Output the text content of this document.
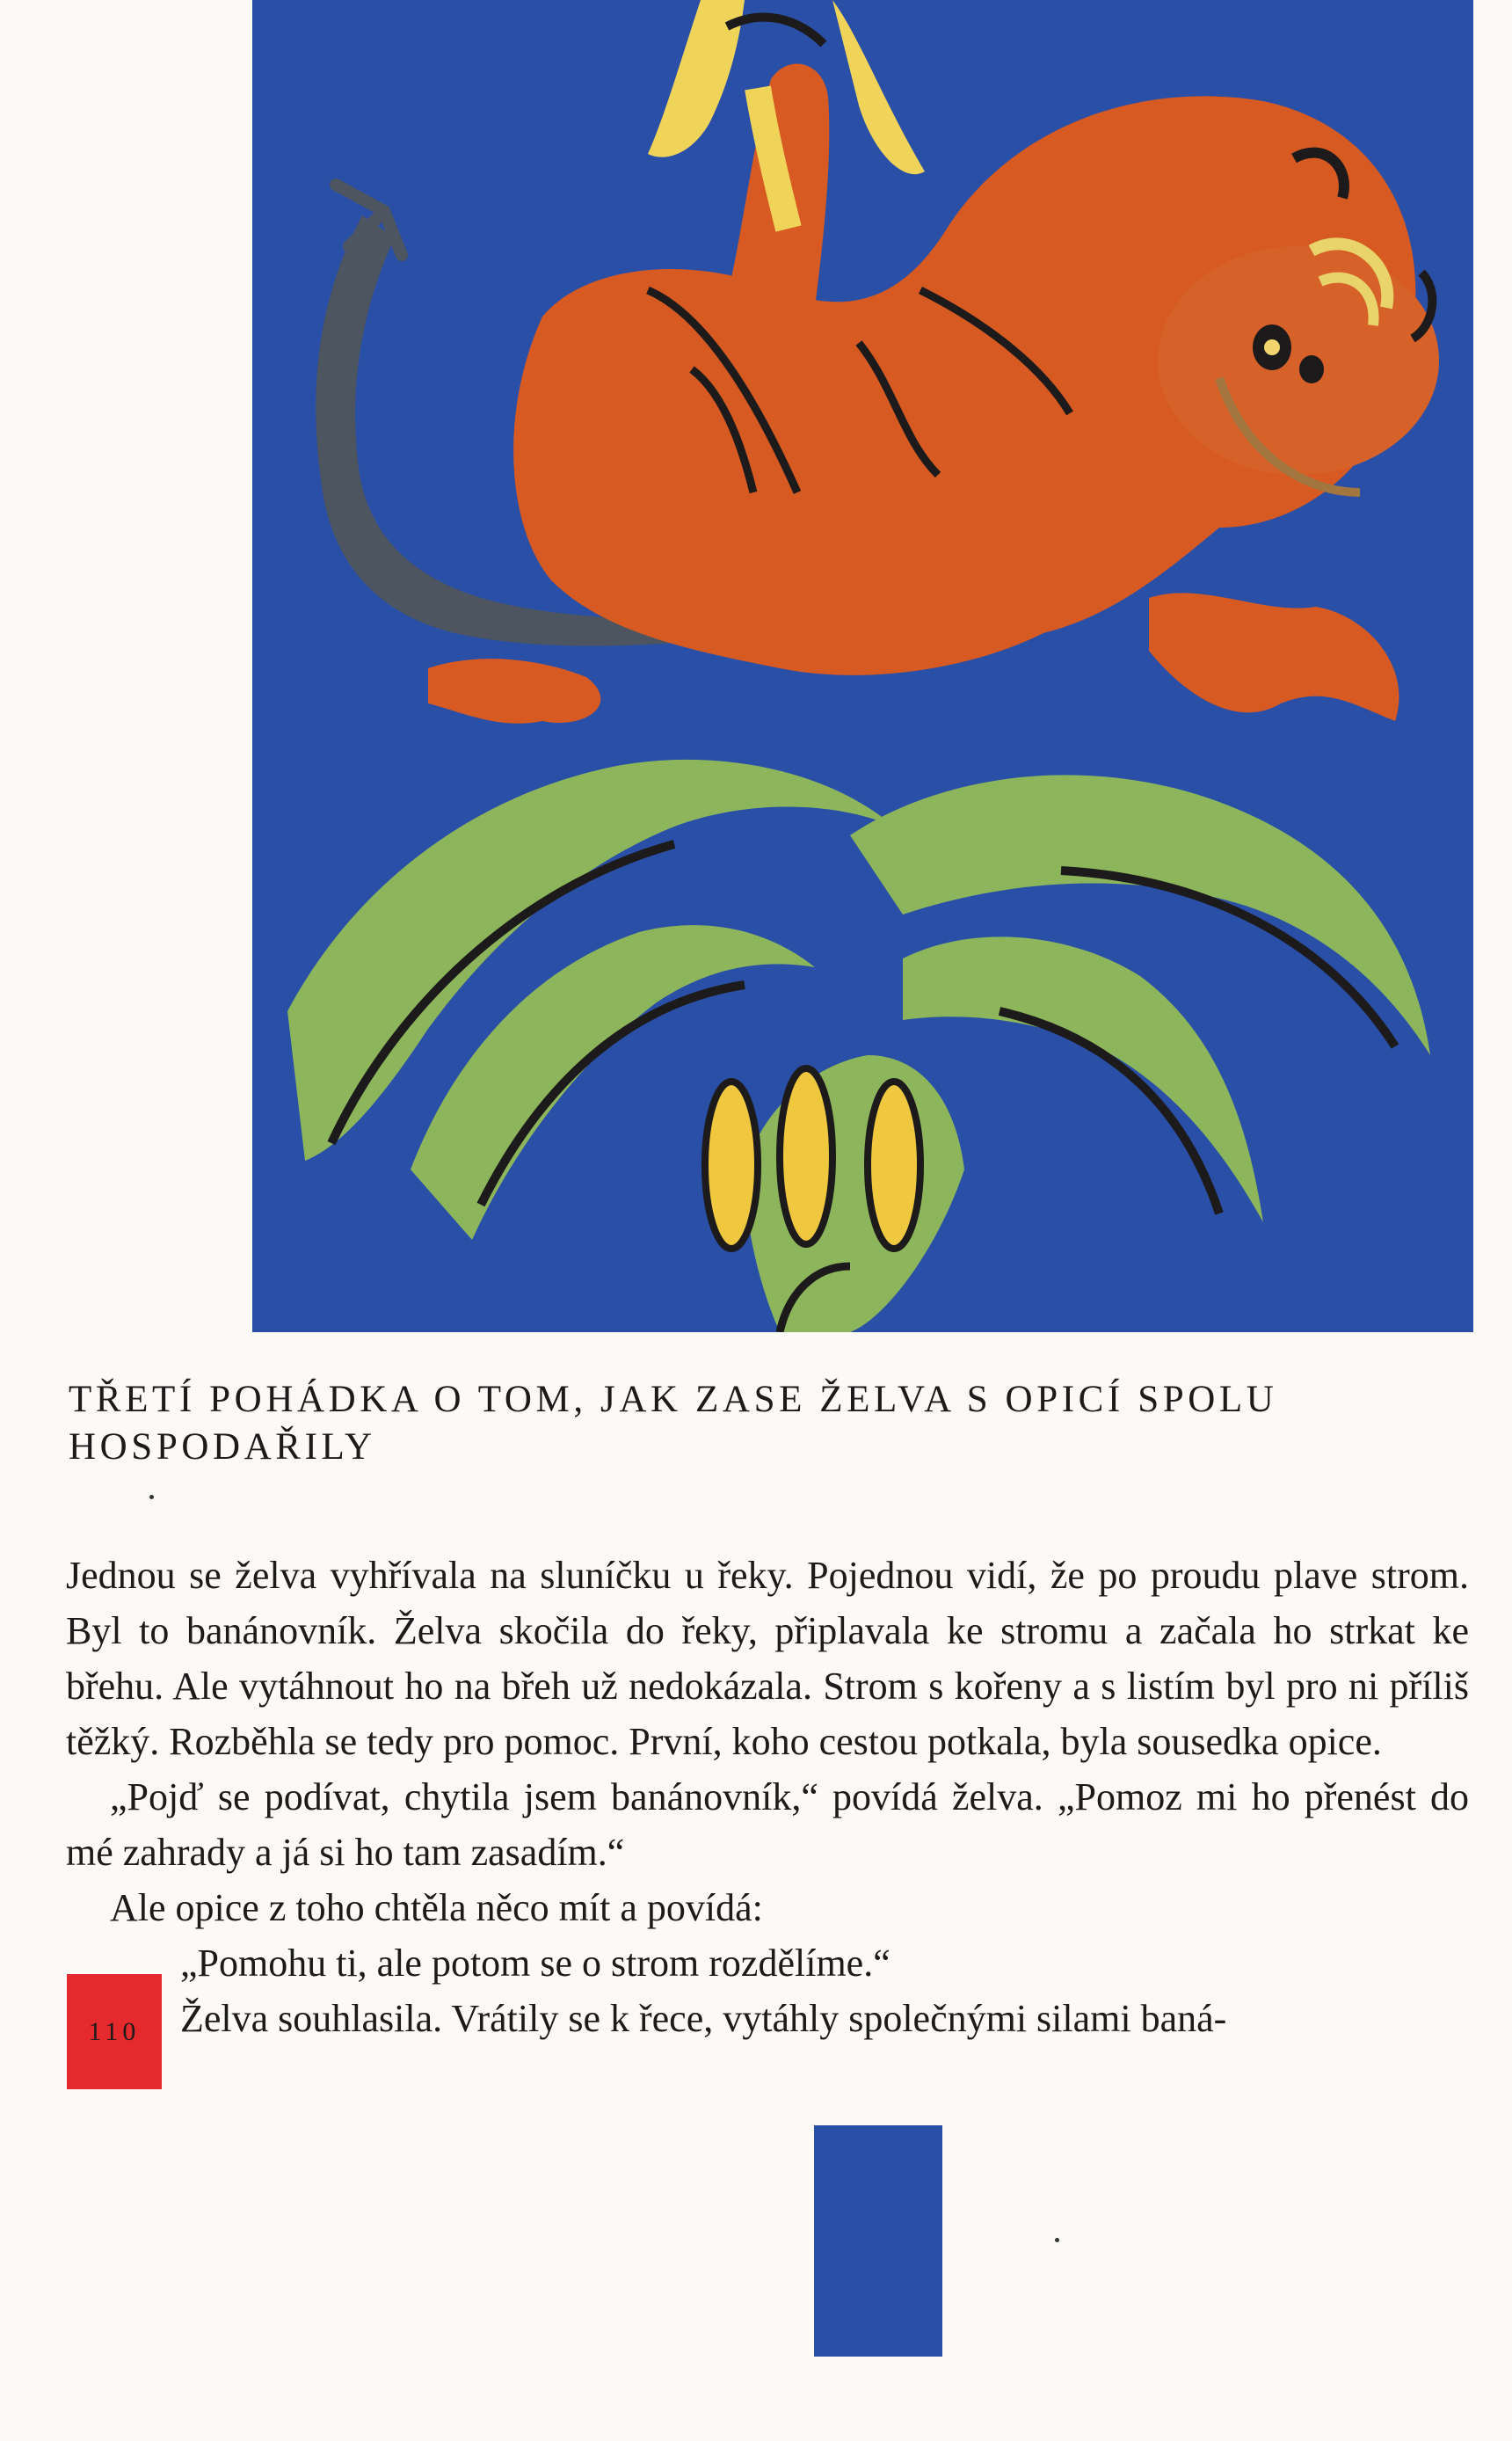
TŘETÍ POHÁDKA O TOM, JAK ZASE ŽELVA S OPICÍ SPOLU HOSPODAŘILY

Jednou se želva vyhřívala na sluníčku u řeky. Pojednou vidí, že po proudu plave strom. Byl to banánovník. Želva skočila do řeky, připlavala ke stromu a začala ho strkat ke břehu. Ale vytáhnout ho na břeh už nedokázala. Strom s kořeny a s listím byl pro ni příliš těžký. Rozběhla se tedy pro pomoc. První, koho cestou potkala, byla sousedka opice.

„Pojď se podívat, chytila jsem banánovník,“ povídá želva. „Pomoz mi ho přenést do mé zahrady a já si ho tam zasadím.“

Ale opice z toho chtěla něco mít a povídá:

„Pomohu ti, ale potom se o strom rozdělíme.“

Želva souhlasila. Vrátily se k řece, vytáhly společnými silami baná-

110
